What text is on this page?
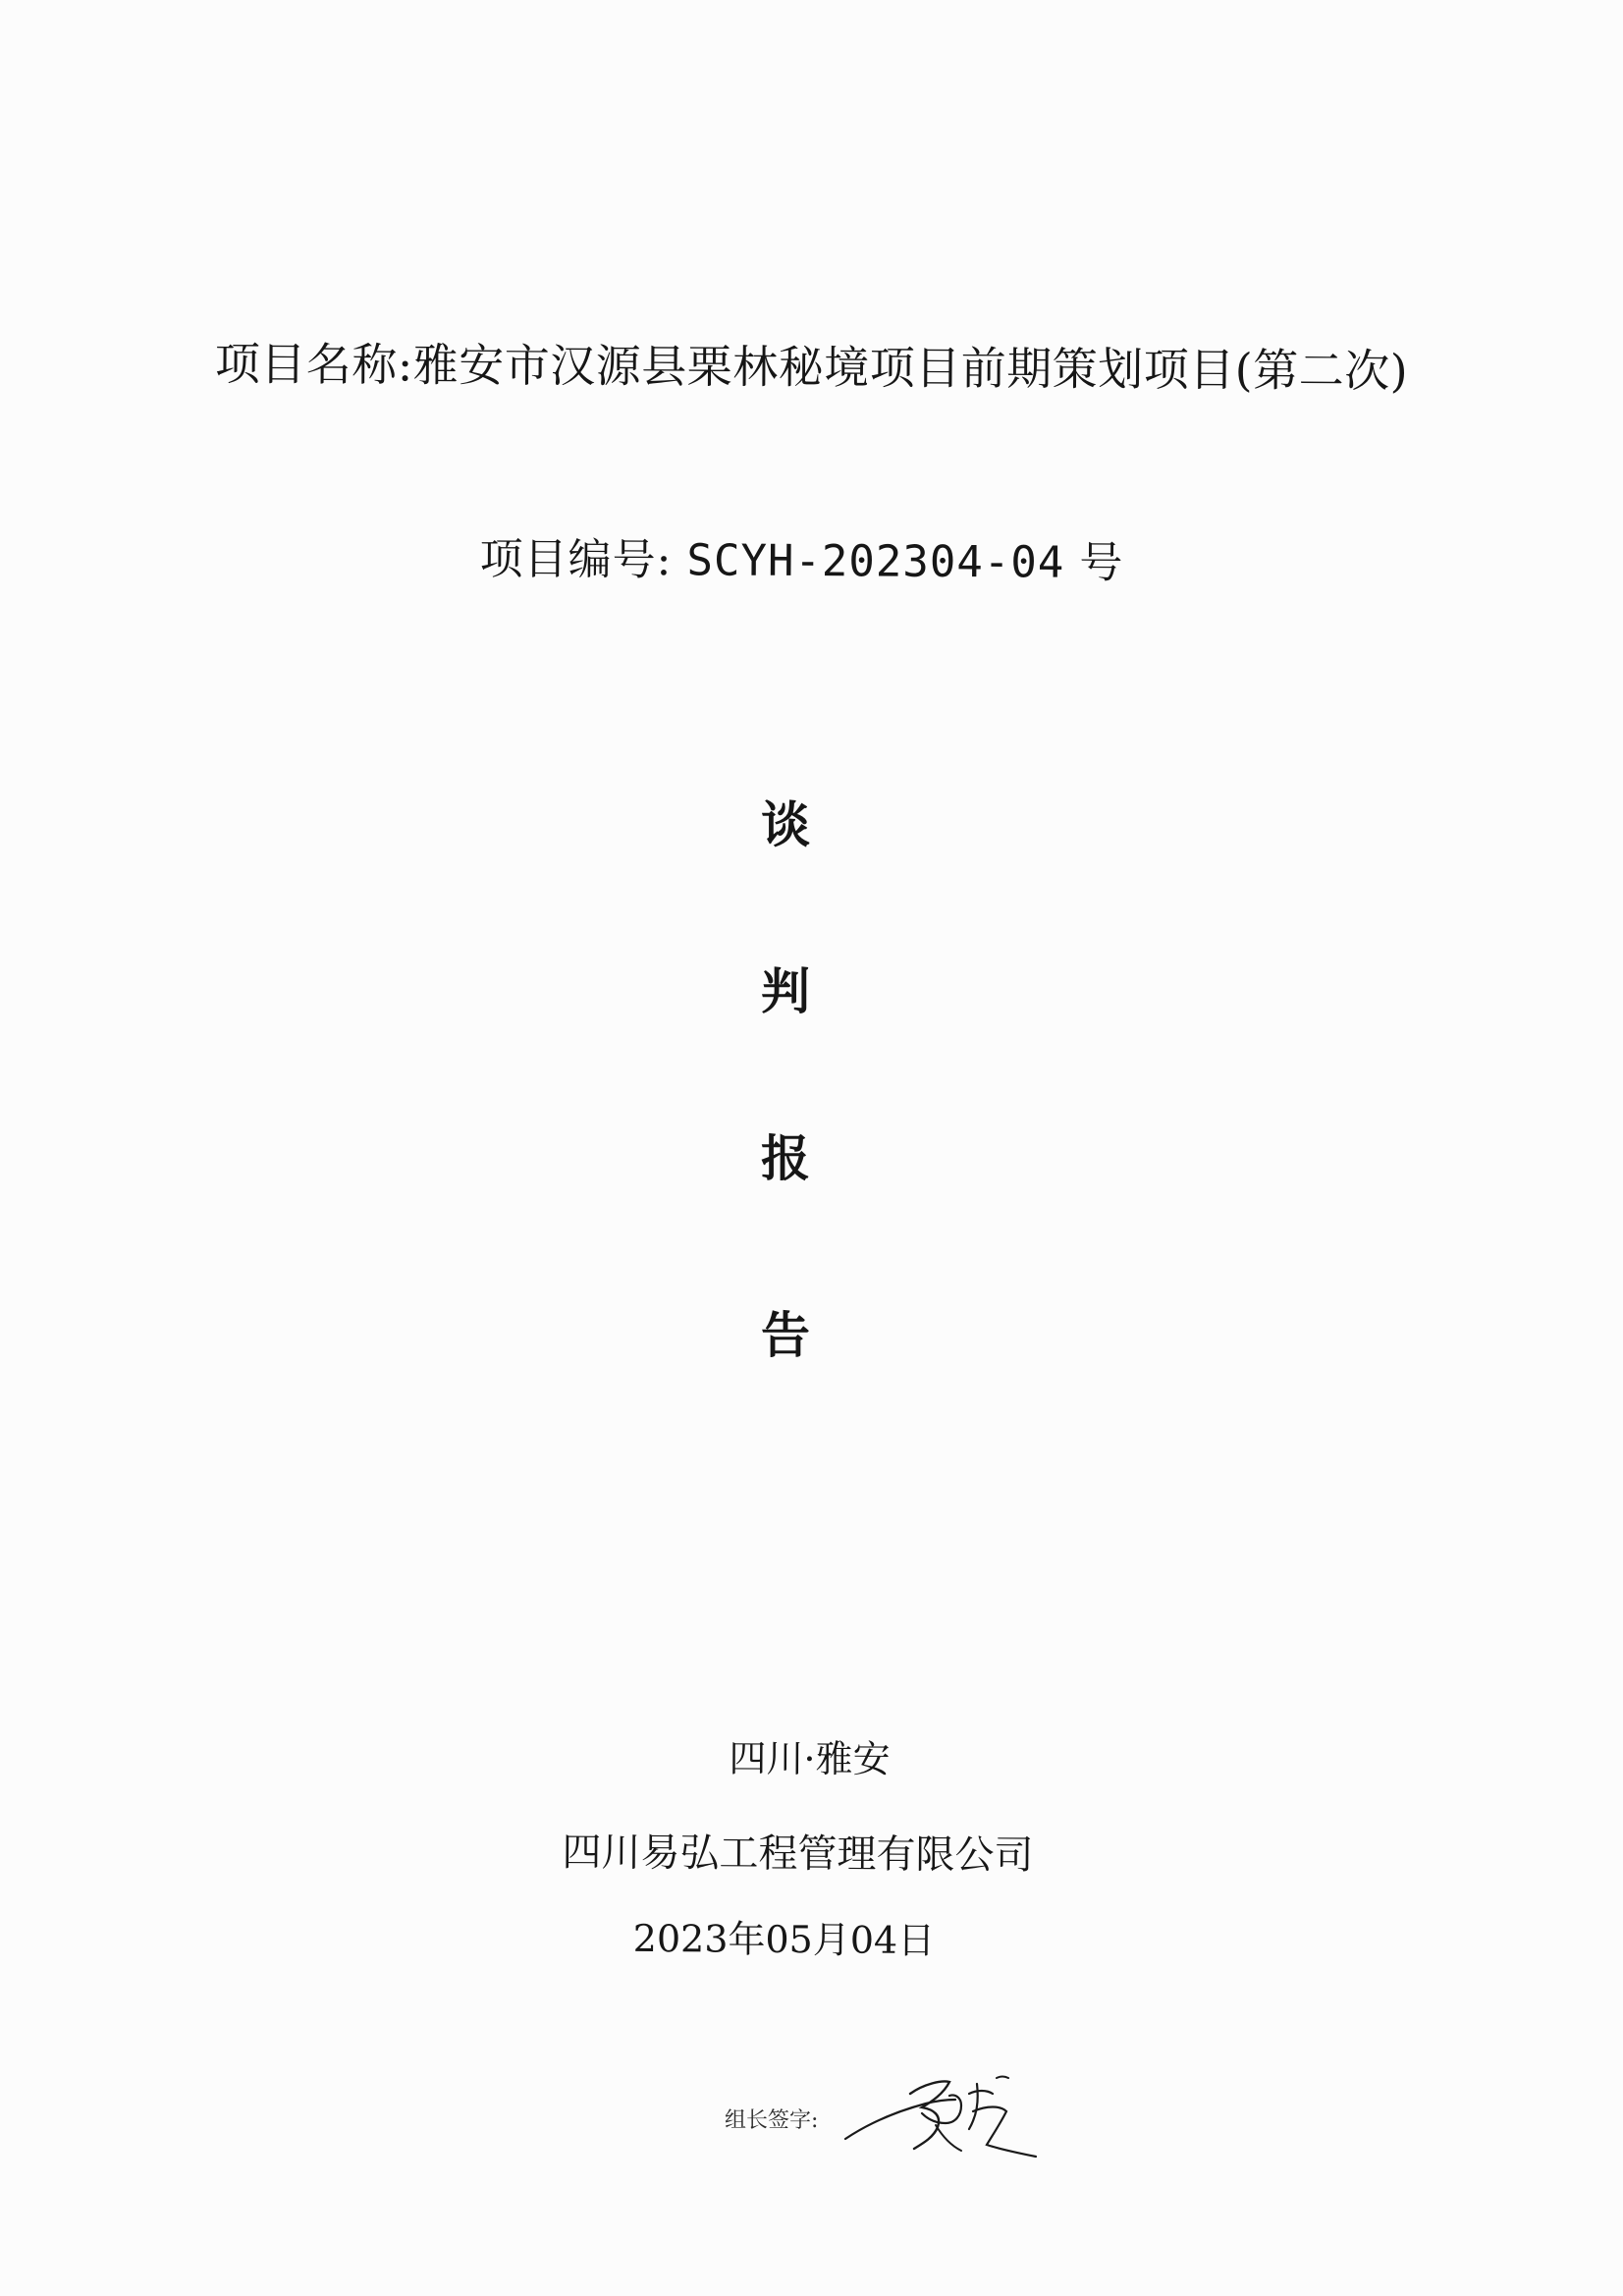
项目名称:雅安市汉源县栗林秘境项目前期策划项目(第二次)
项目编号: SCYH-202304-04 号
谈
判
报
告
四川·雅安
四川易弘工程管理有限公司
2023年05月04日
组长签字:
